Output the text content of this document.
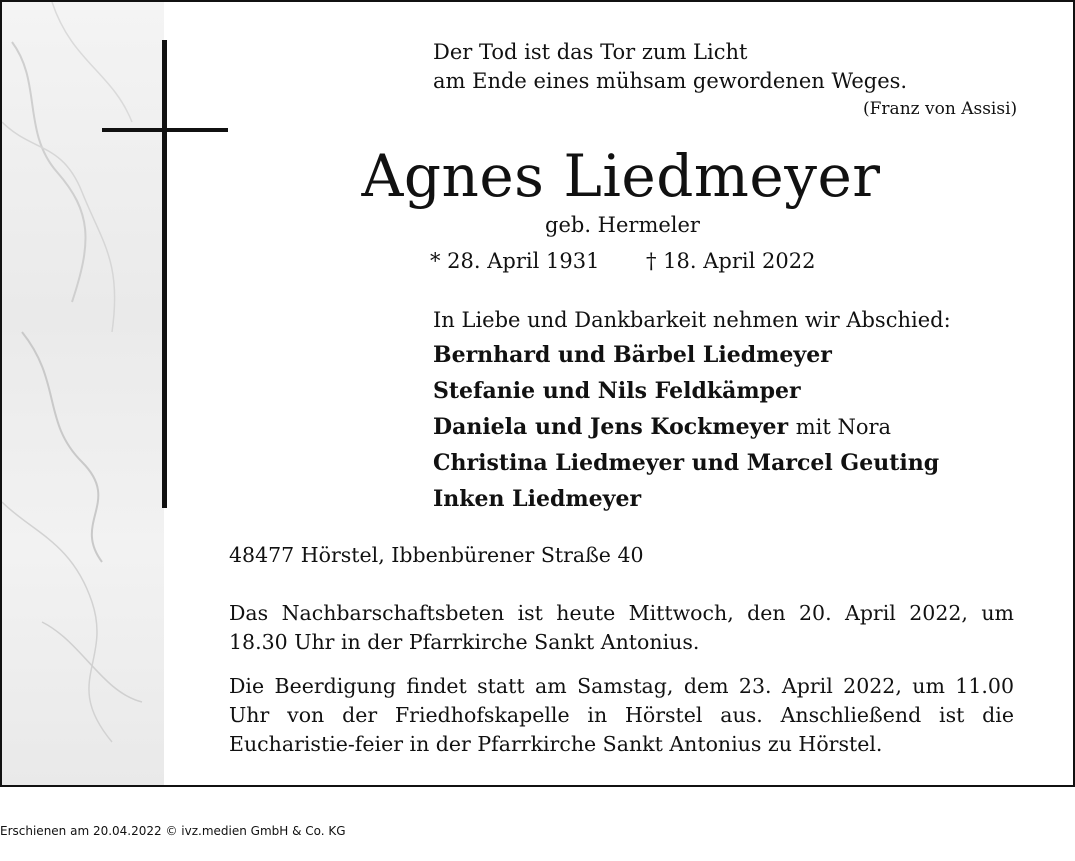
Der Tod ist das Tor zum Licht
am Ende eines mühsam gewordenen Weges.
(Franz von Assisi)
Agnes Liedmeyer
geb. Hermeler
* 28. April 1931 † 18. April 2022
In Liebe und Dankbarkeit nehmen wir Abschied:
Bernhard und Bärbel Liedmeyer
Stefanie und Nils Feldkämper
Daniela und Jens Kockmeyer mit Nora
Christina Liedmeyer und Marcel Geuting
Inken Liedmeyer
48477 Hörstel, Ibbenbürener Straße 40
Das Nachbarschaftsbeten ist heute Mittwoch, den 20. April 2022, um 18.30 Uhr in der Pfarrkirche Sankt Antonius.
Die Beerdigung findet statt am Samstag, dem 23. April 2022, um 11.00 Uhr von der Friedhofskapelle in Hörstel aus. Anschließend ist die Eucharistie-feier in der Pfarrkirche Sankt Antonius zu Hörstel.
Erschienen am 20.04.2022 © ivz.medien GmbH & Co. KG
